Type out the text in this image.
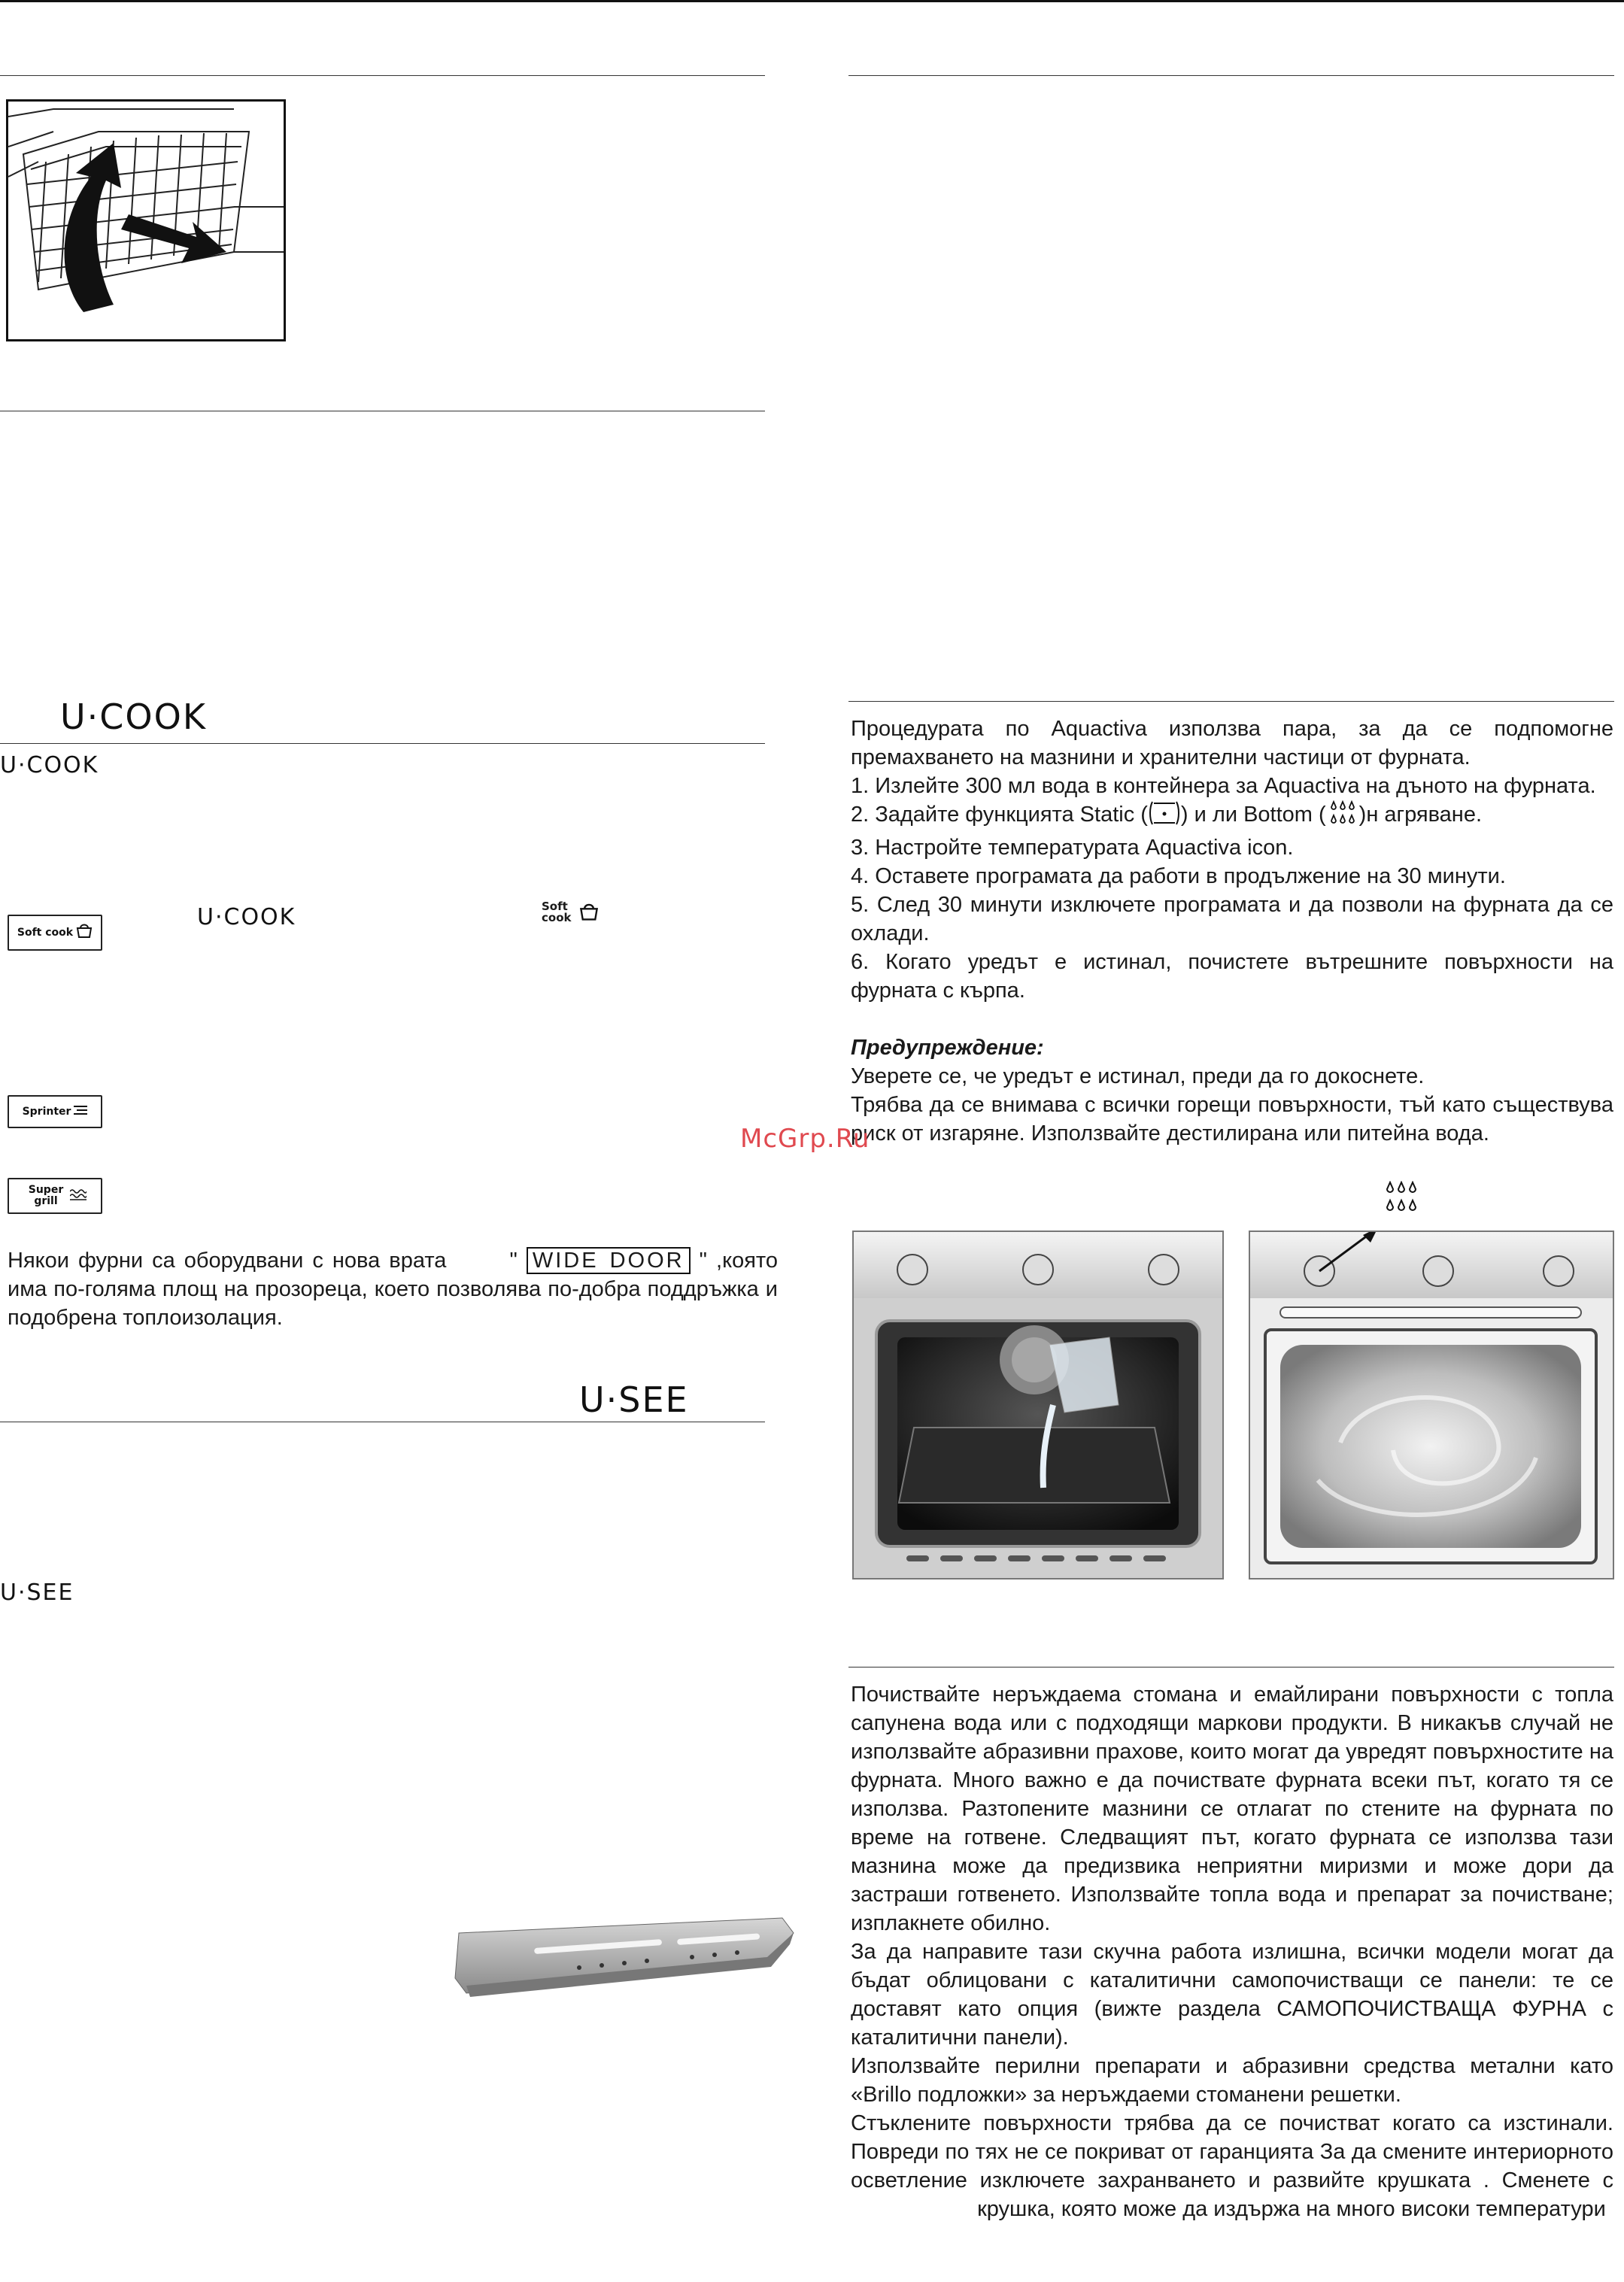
U·COOK
U·COOK
Soft cook
U·COOK	Soft cook
Sprinter
Super grill
Някои фурни са оборудвани с нова врата	" WIDE DOOR " ,която има по-голяма площ на прозореца, което позволява по-добра поддръжка и подобрена топлоизолация.
U·SEE
U·SEE

Процедурата по Aquactiva използва пара, за да се подпомогне премахването на мазнини и хранителни частици от фурната.

1. Излейте 300 мл вода в контейнера за Aquactiva на дъното на фурната.

2. Задайте функцията Static ( ) и ли Bottom ( )н агряване.

3. Настройте температурата Aquactiva icon.

4. Оставете програмата да работи в продължение на 30 минути.

5. След 30 минути изключете програмата и да позволи на фурната да се охлади.

6. Когато уредът е истинал, почистете вътрешните повърхности на фурната с кърпа.

Предупреждение:

Уверете се, че уредът е истинал, преди да го докоснете.

Трябва да се внимава с всички горещи повърхности, тъй като съществува риск от изгаряне. Използвайте дестилирана или питейна вода.

McGrp.Ru

Почиствайте неръждаема стомана и емайлирани повърхности с топла сапунена вода или с подходящи маркови продукти. В никакъв случай не използвайте абразивни прахове, които могат да увредят повърхностите на фурната. Много важно е да почиствате фурната всеки път, когато тя се използва. Разтопените мазнини се отлагат по стените на фурната по време на готвене. Следващият път, когато фурната се използва тази мазнина може да предизвика неприятни миризми и може дори да застраши готвенето. Използвайте топла вода и препарат за почистване; изплакнете обилно.

За да направите тази скучна работа излишна, всички модели могат да бъдат облицовани с каталитични самопочистващи се панели: те се доставят като опция (вижте раздела САМОПОЧИСТВАЩА ФУРНА с каталитични панели).

Използвайте перилни препарати и абразивни средства метални като «Brillo подложки» за неръждаеми стоманени решетки.

Стъклените повърхности трябва да се почистват когато са изстинали. Повреди по тях не се покриват от гаранцията За да смените интериорното осветление изключете захранването и развийте крушката . Сменете с  крушка, която може да издържа на много високи температури
